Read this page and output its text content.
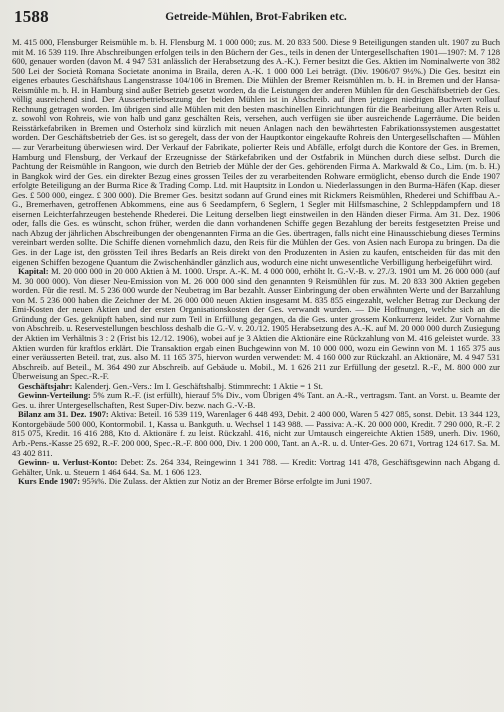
1588	Getreide-Mühlen, Brot-Fabriken etc.

M. 415 000, Flensburger Reismühle m. b. H. Flensburg M. 1 000 000; zus. M. 20 833 500. Diese 9 Beteiligungen standen ult. 1907 zu Buch mit M. 16 539 119. Ihre Abschreibungen erfolgen teils in den Büchern der Ges., teils in denen der Untergesellschaften 1901—1907: M. 7 128 600, genauer worden (davon M. 4 947 531 anlässlich der Herabsetzung des A.-K.). Ferner besitzt die Ges. Aktien im Nominalwerte von 382 500 Lei der Società Romana Societate anonima in Braila, deren A.-K. 1 000 000 Lei beträgt. (Div. 1906/07 9½%.) Die Ges. besitzt ein eigenes erbautes Geschäftshaus Langenstrasse 104/106 in Bremen. Die Mühlen der Bremer Reismühlen m. b. H. in Bremen und der Hansa-Reismühle m. b. H. in Hamburg sind außer Betrieb gesetzt worden, da die Leistungen der anderen Mühlen für den Geschäftsbetrieb der Ges. völlig ausreichend sind. Der Ausserbetriebsetzung der beiden Mühlen ist in Abschreib. auf ihren jetzigen niedrigen Buchwert vollauf Rechnung getragen worden. Im übrigen sind alle Mühlen mit den besten maschinellen Einrichtungen für die Bearbeitung aller Arten Reis u. z. sowohl von Rohreis, wie von halb und ganz geschälten Reis, versehen, auch verfügen sie über ausreichende Lagerräume. Die beiden Reisstärkefabriken in Bremen und Osterholz sind kürzlich mit neuen Anlagen nach den bewährtesten Fabrikationssystemen ausgestattet worden. Der Geschäftsbetrieb der Ges. ist so geregelt, dass der von der Hauptkontor eingekaufte Rohreis den Untergesellschaften — Mühlen — zur Verarbeitung überwiesen wird. Der Verkauf der Fabrikate, polierter Reis und Abfälle, erfolgt durch die Kontore der Ges. in Bremen, Hamburg und Flensburg, der Verkauf der Erzeugnisse der Stärkefabriken und der Ostfabrik in München durch diese selbst. Durch die Pachtung der Reismühle in Rangoon, wie durch den Betrieb der Mühle der der Ges. gehörenden Firma A. Markwald & Co., Lim. (m. b. H.) in Bangkok wird der Ges. ein direkter Bezug eines grossen Teiles der zu verarbeitenden Rohware ermöglicht, ebenso durch die Ende 1907 erfolgte Beteiligung an der Burma Rice & Trading Comp. Ltd. mit Hauptsitz in London u. Niederlassungen in den Burma-Häfen (Kap. dieser Ges. £ 500 000, eingez. £ 300 000). Die Bremer Ges. besitzt sodann auf Grund eines mit Rickmers Reismühlen, Rhederei und Schiffbau A.-G., Bremerhaven, getroffenen Abkommens, eine aus 6 Seedampfern, 6 Seglern, 1 Segler mit Hilfsmaschine, 2 Schleppdampfern und 18 eisernen Leichterfahrzeugen bestehende Rhederei. Die Leitung derselben liegt einstweilen in den Händen dieser Firma. Am 31. Dez. 1906 oder, falls die Ges. es wünscht, schon früher, werden die dann vorhandenen Schiffe gegen Bezahlung der bereits festgesetzten Preise und nach Abzug der jährlichen Abschreibungen der obengenannten Firma an die Ges. übertragen, falls nicht eine Hinausschiebung dieses Termins vereinbart werden sollte. Die Schiffe dienen vornehmlich dazu, den Reis für die Mühlen der Ges. von Asien nach Europa zu bringen. Da die Ges. in der Lage ist, den grössten Teil ihres Bedarfs an Reis direkt von den Produzenten in Asien zu kaufen, entscheiden für das mit den eigenen Schiffen bezogene Quantum die Zwischenhändler gänzlich aus, wodurch eine nicht unwesentliche Verbilligung herbeigeführt wird.

Kapital: M. 20 000 000 in 20 000 Aktien à M. 1000. Urspr. A.-K. M. 4 000 000, erhöht lt. G.-V.-B. v. 27./3. 1901 um M. 26 000 000 (auf M. 30 000 000). Von dieser Neu-Emission von M. 26 000 000 sind den genannten 9 Reismühlen für zus. M. 20 833 300 Aktien gegeben worden. Für die restl. M. 5 236 000 wurde der Neubetrag im Bar bezahlt. Ausser Einbringung der oben erwähnten Werte und der Barzahlung von M. 5 236 000 haben die Zeichner der M. 26 000 000 neuen Aktien insgesamt M. 835 855 eingezahlt, welcher Betrag zur Deckung der Emi-Kosten der neuen Aktien und der ersten Organisationskosten der Ges. verwandt wurden. — Die Hoffnungen, welche sich an die Gründung der Ges. geknüpft haben, sind nur zum Teil in Erfüllung gegangen, da die Ges. unter grossem Konkurrenz leidet. Zur Vornahme von Abschreib. u. Reservestellungen beschloss deshalb die G.-V. v. 20./12. 1905 Herabsetzung des A.-K. auf M. 20 000 000 durch Zusiegung der Aktien im Verhältnis 3 : 2 (Frist bis 12./12. 1906), wobei auf je 3 Aktien die Aktionäre eine Rückzahlung von M. 416 geleistet wurde. 33 Aktien wurden für kraftlos erklärt. Die Transaktion ergab einen Buchgewinn von M. 10 000 000, wozu ein Gewinn von M. 1 165 375 aus einer veräusserten Beteil. trat, zus. also M. 11 165 375, hiervon wurden verwendet: M. 4 160 000 zur Rückzahl. an Aktionäre, M. 4 947 531 Abschreib. auf Beteil., M. 364 490 zur Abschreib. auf Gebäude u. Mobil., M. 1 626 211 zur Erfüllung der gesetzl. R.-F., M. 800 000 zur Überweisung an Spec.-R.-F.

Geschäftsjahr: Kalenderj. Gen.-Vers.: Im I. Geschäftshalbj. Stimmrecht: 1 Aktie = 1 St.

Gewinn-Verteilung: 5% zum R.-F. (ist erfüllt), hierauf 5% Div., vom Übrigen 4% Tant. an A.-R., vertragsm. Tant. an Vorst. u. Beamte der Ges. u. ihrer Untergesellschaften, Rest Super-Div. bezw. nach G.-V.-B.

Bilanz am 31. Dez. 1907: Aktiva: Beteil. 16 539 119, Warenlager 6 448 493, Debit. 2 400 000, Waren 5 427 085, sonst. Debit. 13 344 123, Kontorgebäude 500 000, Kontormobil. 1, Kassa u. Bankguth. u. Wechsel 1 143 988. — Passiva: A.-K. 20 000 000, Kredit. 7 290 000, R.-F. 2 815 075, Kredit. 16 416 288, Kto d. Aktionäre f. zu leist. Rückzahl. 416, nicht zur Umtausch eingereichte Aktien 1589, unerh. Div. 1960, Arb.-Pens.-Kasse 25 692, R.-F. 200 000, Spec.-R.-F. 800 000, Div. 1 200 000, Tant. an A.-R. u. d. Unter-Ges. 20 671, Vortrag 124 617. Sa. M. 43 402 811.

Gewinn- u. Verlust-Konto: Debet: Zs. 264 334, Reingewinn 1 341 788. — Kredit: Vortrag 141 478, Geschäftsgewinn nach Abgang d. Gehälter, Unk. u. Steuern 1 464 644. Sa. M. 1 606 123.

Kurs Ende 1907: 95⅝%. Die Zulass. der Aktien zur Notiz an der Bremer Börse erfolgte im Juni 1907.
